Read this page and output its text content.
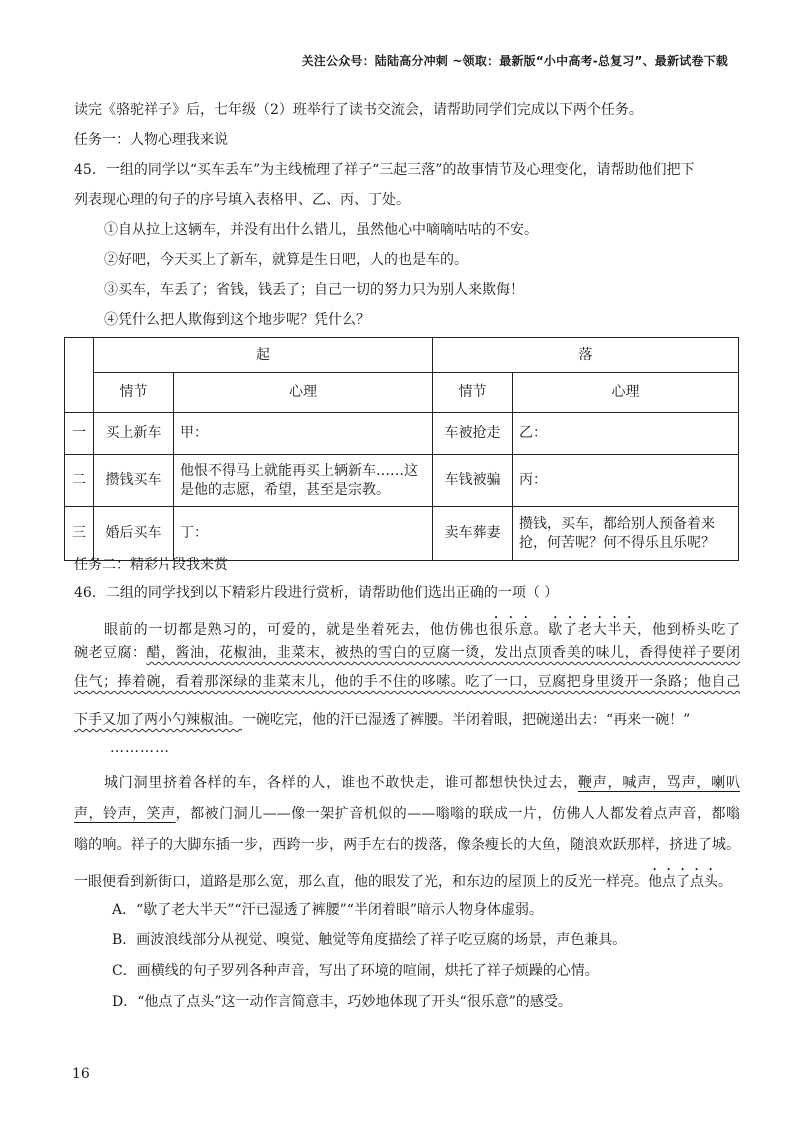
关注公众号：陆陆高分冲刺 ~领取：最新版“小中高考-总复习”、最新试卷下载
读完《骆驼祥子》后，七年级（2）班举行了读书交流会，请帮助同学们完成以下两个任务。
任务一：人物心理我来说
45．一组的同学以“买车丢车”为主线梳理了祥子“三起三落”的故事情节及心理变化，请帮助他们把下
列表现心理的句子的序号填入表格甲、乙、丙、丁处。
①自从拉上这辆车，并没有出什么错儿，虽然他心中嘀嘀咕咕的不安。
②好吧，今天买上了新车，就算是生日吧，人的也是车的。
③买车，车丢了；省钱，钱丢了；自己一切的努力只为别人来欺侮！
④凭什么把人欺侮到这个地步呢？凭什么？
	起		落	
	情节	心理	情节	心理
一	买上新车	甲：	车被抢走	乙：
二	攒钱买车	他恨不得马上就能再买上辆新车……这
是他的志愿，希望，甚至是宗教。	车钱被骗	丙：
三	婚后买车	丁：	卖车葬妻	攒钱，买车，都给别人预备着来
抢，何苦呢？何不得乐且乐呢？
任务二：精彩片段我来赏
46．二组的同学找到以下精彩片段进行赏析，请帮助他们选出正确的一项（ ）
眼前的一切都是熟习的，可爱的，就是坐着死去，他仿佛也很乐意。歇了老大半天，他到桥头吃了
碗老豆腐：醋，酱油，花椒油，韭菜末，被热的雪白的豆腐一烫，发出点顶香美的味儿，香得使祥子要闭
住气；捧着碗，看着那深绿的韭菜末儿，他的手不住的哆嗦。吃了一口，豆腐把身里烫开一条路；他自己
下手又加了两小勺辣椒油。一碗吃完，他的汗已湿透了裤腰。半闭着眼，把碗递出去：“再来一碗！”
…………
城门洞里挤着各样的车，各样的人，谁也不敢快走，谁可都想快快过去，鞭声，喊声，骂声，喇叭
声，铃声，笑声，都被门洞儿——像一架扩音机似的——嗡嗡的联成一片，仿佛人人都发着点声音，都嗡
嗡的响。祥子的大脚东插一步，西跨一步，两手左右的拨落，像条瘦长的大鱼，随浪欢跃那样，挤进了城。
一眼便看到新街口，道路是那么宽，那么直，他的眼发了光，和东边的屋顶上的反光一样亮。他点了点头。
A．“歇了老大半天”“汗已湿透了裤腰”“半闭着眼”暗示人物身体虚弱。
B．画波浪线部分从视觉、嗅觉、触觉等角度描绘了祥子吃豆腐的场景，声色兼具。
C．画横线的句子罗列各种声音，写出了环境的喧闹，烘托了祥子烦躁的心情。
D．“他点了点头”这一动作言简意丰，巧妙地体现了开头“很乐意”的感受。
16
